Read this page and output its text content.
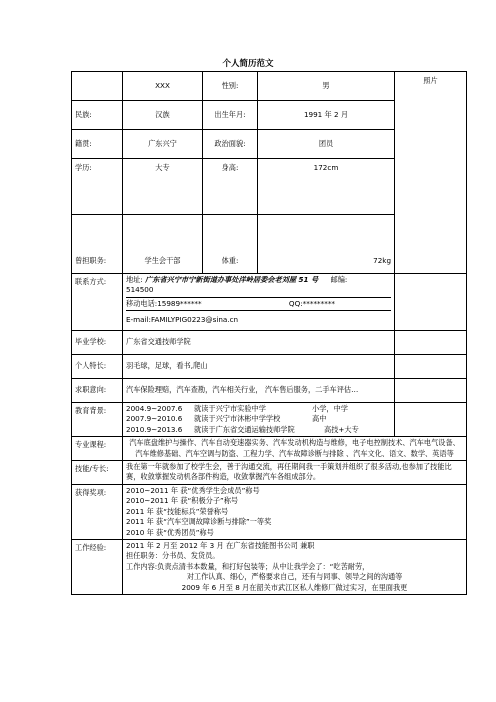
个人简历范文
	XXX	性别:	男	照片
民族:	汉族	出生年月:	1991 年 2 月	
籍贯:	广东兴宁	政治面貌:	团员	
学历:	大专	身高:	172cm	
曾担职务:	学生会干部	体重:	72kg	
联系方式:	地址: 广东省兴宁市宁新街道办事处洋岭居委会老刘屋 51 号 邮编:
514500
移动电话:15989****** QQ:*********
E-mail:FAMILYPIG0223@sina.cn			

毕业学校:	广东省交通技师学院			
个人特长:	羽毛球，足球，看书,爬山			
求职意向:	汽车保险理赔，汽车查勘，汽车相关行业， 汽车售后服务，二手车评估…			
教育背景:	2004.9~2007.6 就读于兴宁市实验中学 小学，中学
2007.9~2010.6 就读于兴宁市沐彬中学学校 高中
2010.9~2013.6 就读于广东省交通运输技师学院 高技+大专			

专业课程:	汽车底盘维护与操作、汽车自动变速器实务、汽车发动机构造与维修，电子电控制技术、汽车电气设备、汽车维修基础、汽车空调与防盗、工程力学、汽车故障诊断与排除 、汽车文化、语文、数学、英语等			
技能/专长:	我在第一年就参加了校学生会，善于沟通交流，再任期间我一手策划并组织了很多活动,也参加了技能比赛，收敛掌握发动机各部件构造，收敛掌握汽车各组成部分。			
获得奖项:	2010~2011 年 获“优秀学生会成员”称号
2010~2011 年 获“积极分子”称号
2011 年 获“技能标兵”荣誉称号
2011 年 获“汽车空调故障诊断与排除”一等奖
2010 年 获“优秀团员”称号			

工作经验:	2011 年 2 月至 2012 年 3 月 在广东省技能图书公司 兼职
担任职务：分书员、发货员。
工作内容:负责点清书本数量，和打好包装等；从中让我学会了：“吃苦耐劳，
对工作认真、细心，严格要求自己，还有与同事、领导之间的沟通等
2009 年 6 月至 8 月在韶关市武江区私人维修厂做过实习，在里面我更			
